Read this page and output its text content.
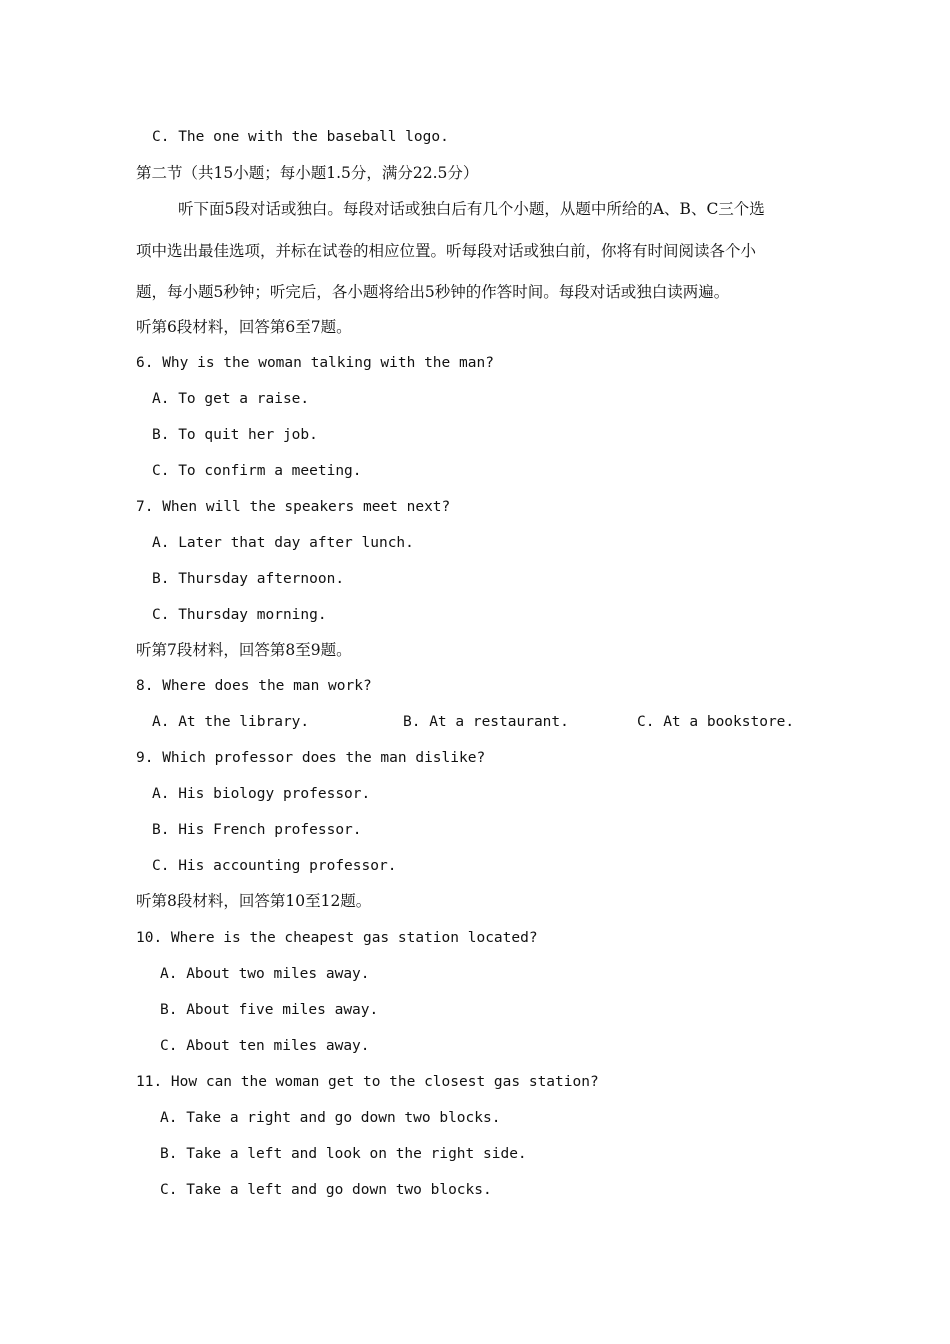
C. The one with the baseball logo.
第二节（共15小题；每小题1.5分，满分22.5分）
听下面5段对话或独白。每段对话或独白后有几个小题，从题中所给的A、B、C三个选
项中选出最佳选项，并标在试卷的相应位置。听每段对话或独白前，你将有时间阅读各个小
题，每小题5秒钟；听完后，各小题将给出5秒钟的作答时间。每段对话或独白读两遍。
听第6段材料，回答第6至7题。
6. Why is the woman talking with the man?
A. To get a raise.
B. To quit her job.
C. To confirm a meeting.
7. When will the speakers meet next?
A. Later that day after lunch.
B. Thursday afternoon.
C. Thursday morning.
听第7段材料，回答第8至9题。
8. Where does the man work?
A. At the library.	B. At a restaurant.	C. At a bookstore.
9. Which professor does the man dislike?
A. His biology professor.
B. His French professor.
C. His accounting professor.
听第8段材料，回答第10至12题。
10. Where is the cheapest gas station located?
A. About two miles away.
B. About five miles away.
C. About ten miles away.
11. How can the woman get to the closest gas station?
A. Take a right and go down two blocks.
B. Take a left and look on the right side.
C. Take a left and go down two blocks.
